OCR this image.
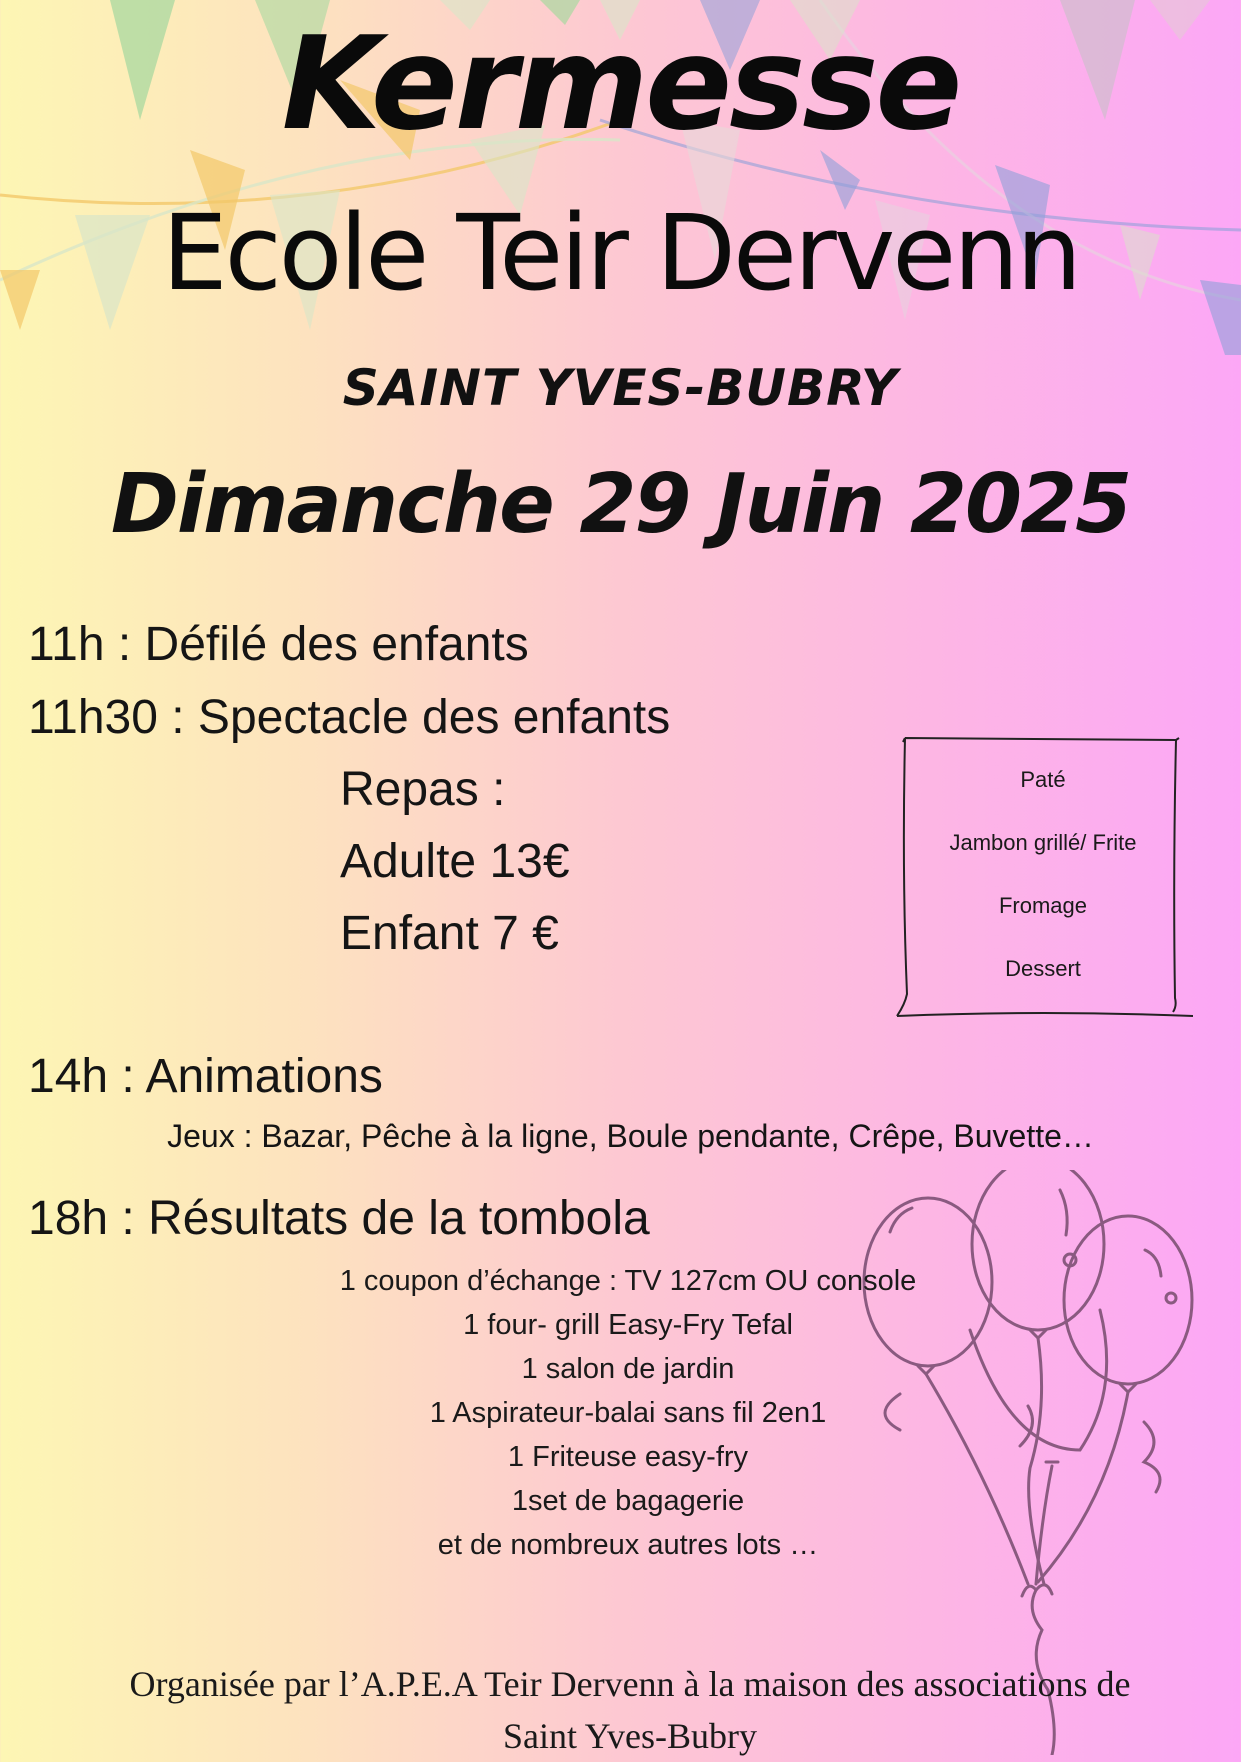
Kermesse
Ecole Teir Dervenn
SAINT YVES-BUBRY
Dimanche 29 Juin 2025
11h : Défilé des enfants
11h30 : Spectacle des enfants
Repas :
Adulte 13€
Enfant 7 €
Paté
Jambon grillé/ Frite
Fromage
Dessert
14h : Animations
Jeux : Bazar, Pêche à la ligne, Boule pendante, Crêpe, Buvette…
18h : Résultats de la tombola
1 coupon d’échange : TV 127cm OU console
1 four- grill Easy-Fry Tefal
1 salon de jardin
1 Aspirateur-balai sans fil 2en1
1 Friteuse easy-fry
1set de bagagerie
et de nombreux autres lots …
Organisée par l’A.P.E.A Teir Dervenn à la maison des associations de
Saint Yves-Bubry
